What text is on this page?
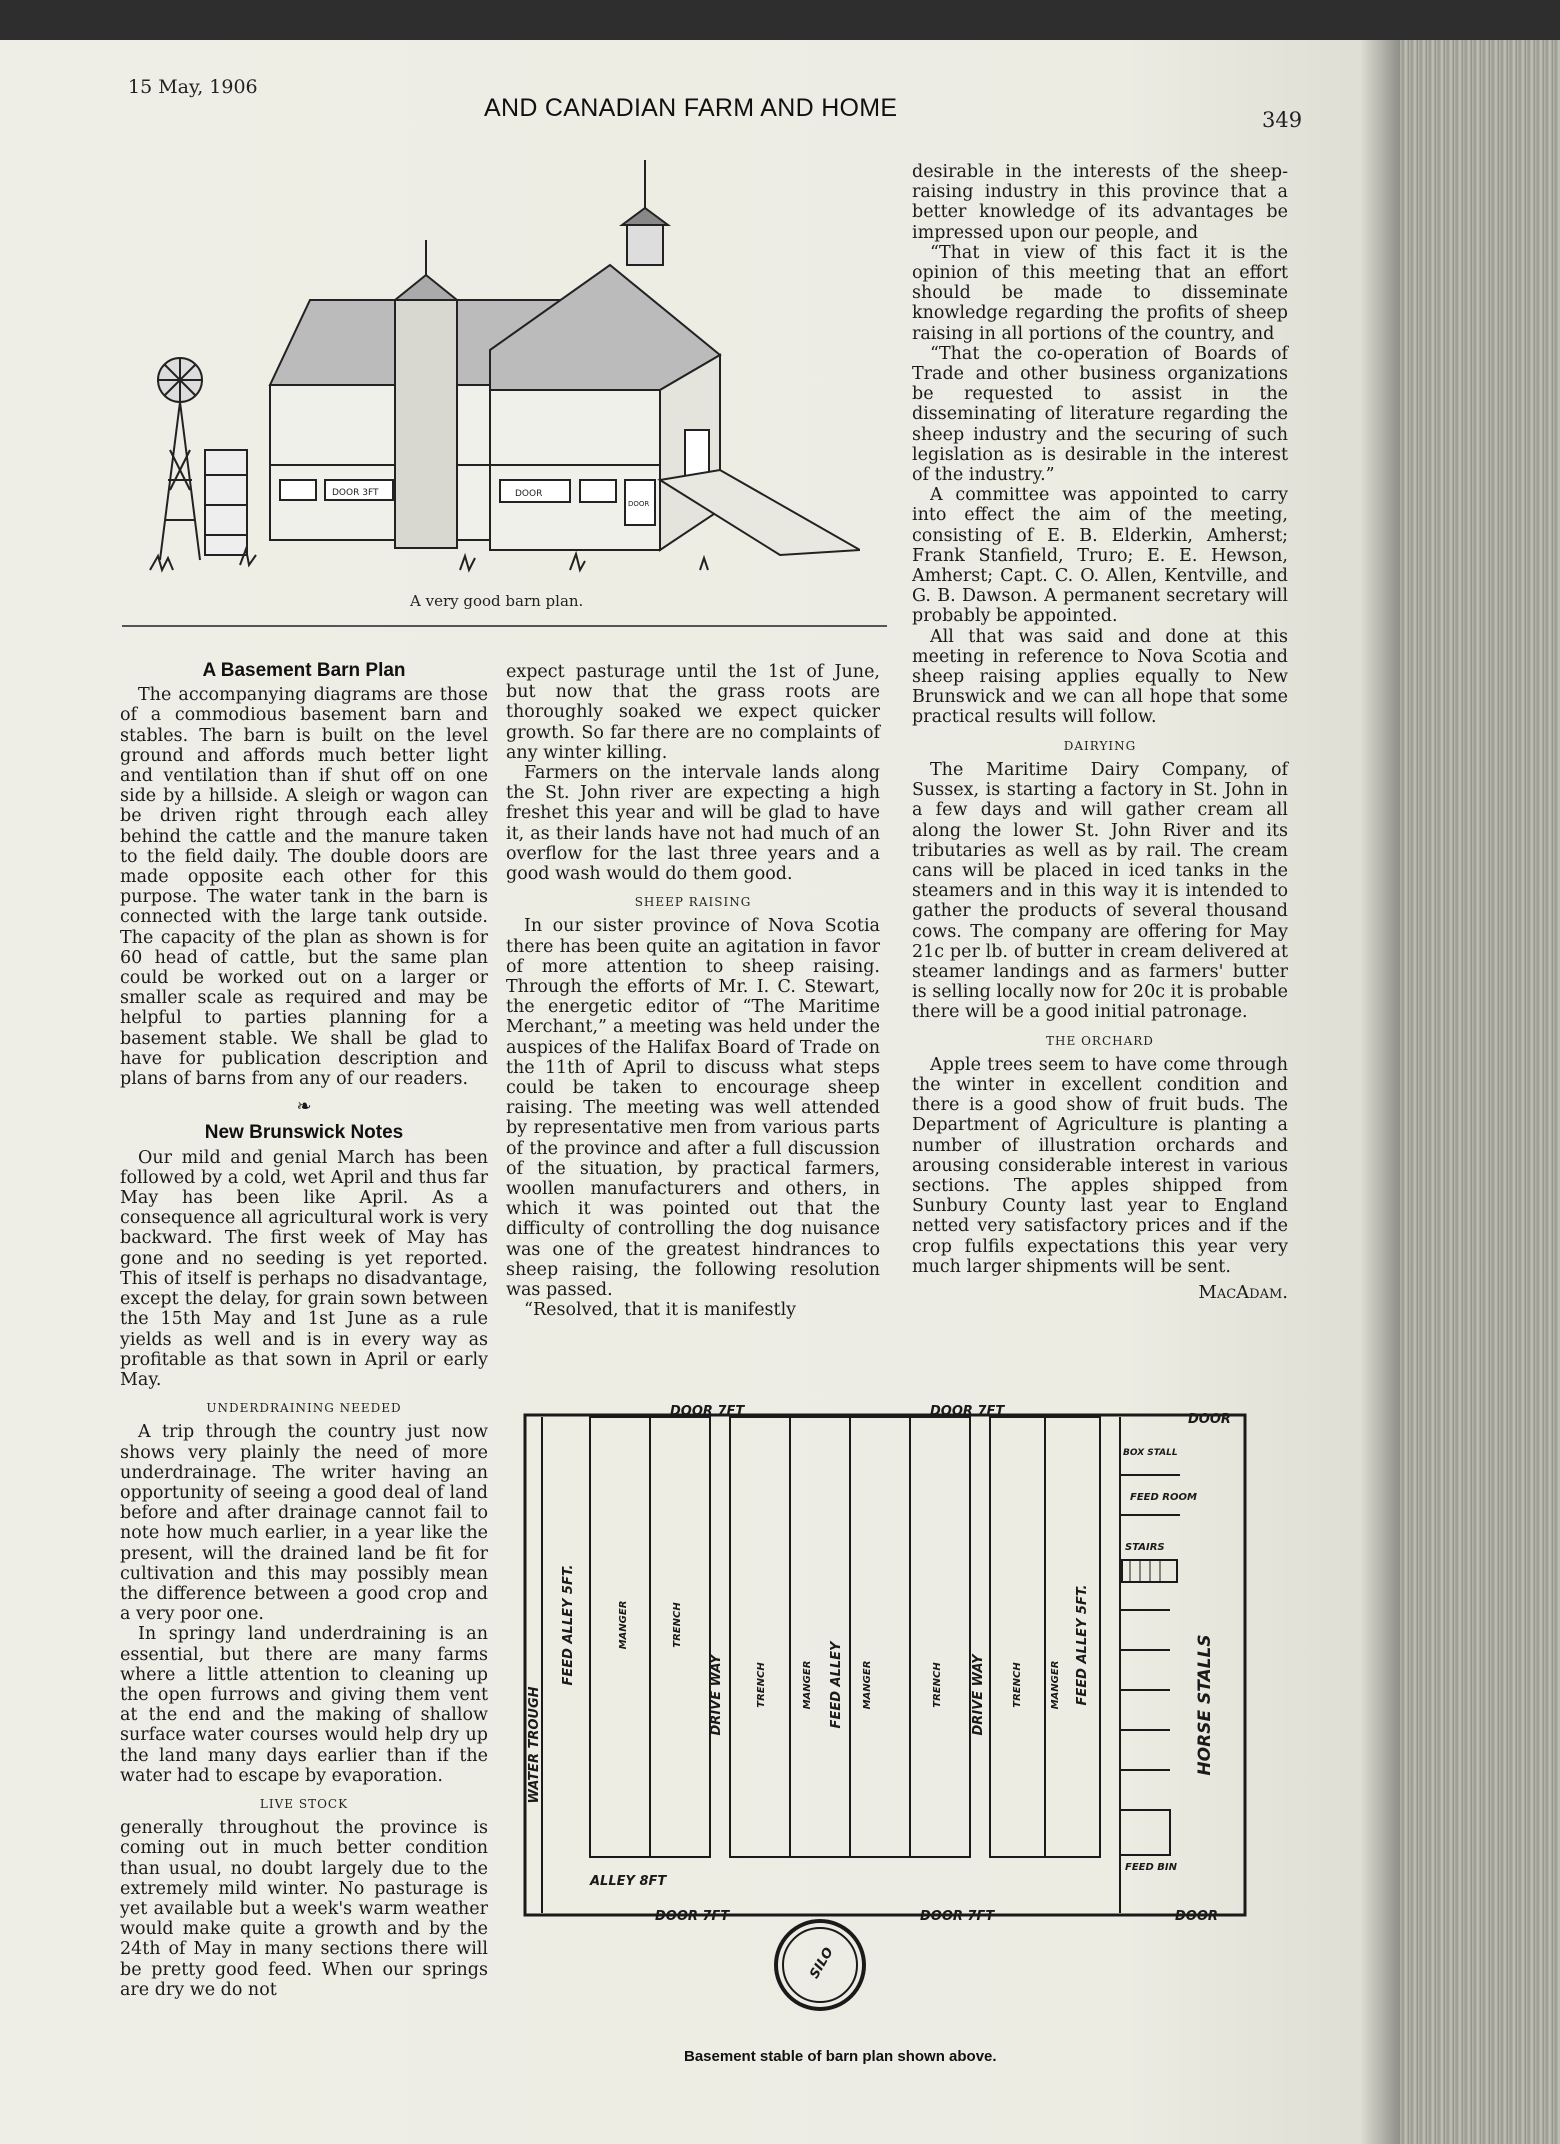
15 May, 1906
AND CANADIAN FARM AND HOME	349
DOOR 3FT	DOOR
DOOR
A very good barn plan.
A Basement Barn Plan

The accompanying diagrams are those of a commodious basement barn and stables. The barn is built on the level ground and affords much better light and ventilation than if shut off on one side by a hillside. A sleigh or wagon can be driven right through each alley behind the cattle and the manure taken to the field daily. The double doors are made opposite each other for this purpose. The water tank in the barn is connected with the large tank outside. The capacity of the plan as shown is for 60 head of cattle, but the same plan could be worked out on a larger or smaller scale as required and may be helpful to parties planning for a basement stable. We shall be glad to have for publication description and plans of barns from any of our readers.

❧
New Brunswick Notes

Our mild and genial March has been followed by a cold, wet April and thus far May has been like April. As a consequence all agricultural work is very backward. The first week of May has gone and no seeding is yet reported. This of itself is perhaps no disadvantage, except the delay, for grain sown between the 15th May and 1st June as a rule yields as well and is in every way as profitable as that sown in April or early May.

UNDERDRAINING NEEDED

A trip through the country just now shows very plainly the need of more underdrainage. The writer having an opportunity of seeing a good deal of land before and after drainage cannot fail to note how much earlier, in a year like the present, will the drained land be fit for cultivation and this may possibly mean the difference between a good crop and a very poor one.

In springy land underdraining is an essential, but there are many farms where a little attention to cleaning up the open furrows and giving them vent at the end and the making of shallow surface water courses would help dry up the land many days earlier than if the water had to escape by evaporation.

LIVE STOCK

generally throughout the province is coming out in much better condition than usual, no doubt largely due to the extremely mild winter. No pasturage is yet available but a week's warm weather would make quite a growth and by the 24th of May in many sections there will be pretty good feed. When our springs are dry we do not

expect pasturage until the 1st of June, but now that the grass roots are thoroughly soaked we expect quicker growth. So far there are no complaints of any winter killing.

Farmers on the intervale lands along the St. John river are expecting a high freshet this year and will be glad to have it, as their lands have not had much of an overflow for the last three years and a good wash would do them good.

SHEEP RAISING

In our sister province of Nova Scotia there has been quite an agitation in favor of more attention to sheep raising. Through the efforts of Mr. I. C. Stewart, the energetic editor of “The Maritime Merchant,” a meeting was held under the auspices of the Halifax Board of Trade on the 11th of April to discuss what steps could be taken to encourage sheep raising. The meeting was well attended by representative men from various parts of the province and after a full discussion of the situation, by practical farmers, woollen manufacturers and others, in which it was pointed out that the difficulty of controlling the dog nuisance was one of the greatest hindrances to sheep raising, the following resolution was passed.

“Resolved, that it is manifestly

desirable in the interests of the sheep-raising industry in this province that a better knowledge of its advantages be impressed upon our people, and

“That in view of this fact it is the opinion of this meeting that an effort should be made to disseminate knowledge regarding the profits of sheep raising in all portions of the country, and

“That the co-operation of Boards of Trade and other business organizations be requested to assist in the disseminating of literature regarding the sheep industry and the securing of such legislation as is desirable in the interest of the industry.”

A committee was appointed to carry into effect the aim of the meeting, consisting of E. B. Elderkin, Amherst; Frank Stanfield, Truro; E. E. Hewson, Amherst; Capt. C. O. Allen, Kentville, and G. B. Dawson. A permanent secretary will probably be appointed.

All that was said and done at this meeting in reference to Nova Scotia and sheep raising applies equally to New Brunswick and we can all hope that some practical results will follow.

DAIRYING

The Maritime Dairy Company, of Sussex, is starting a factory in St. John in a few days and will gather cream all along the lower St. John River and its tributaries as well as by rail. The cream cans will be placed in iced tanks in the steamers and in this way it is intended to gather the products of several thousand cows. The company are offering for May 21c per lb. of butter in cream delivered at steamer landings and as farmers' butter is selling locally now for 20c it is probable there will be a good initial patronage.

THE ORCHARD

Apple trees seem to have come through the winter in excellent condition and there is a good show of fruit buds. The Department of Agriculture is planting a number of illustration orchards and arousing considerable interest in various sections. The apples shipped from Sunbury County last year to England netted very satisfactory prices and if the crop fulfils expectations this year very much larger shipments will be sent.

MacAdam.
DOOR 7FT	DOOR 7FT
DOOR
DOOR 7FT	DOOR 7FT	DOOR
FEED ALLEY 5FT.	MANGER	TRENCH
DRIVE WAY	TRENCH	MANGER FEED ALLEY MANGER	TRENCH DRIVE WAY	TRENCH	MANGER FEED ALLEY 5FT.
WATER TROUGH
ALLEY 8FT
BOX STALL
FEED ROOM
STAIRS
HORSE STALLS
FEED BIN
SILO
Basement stable of barn plan shown above.
